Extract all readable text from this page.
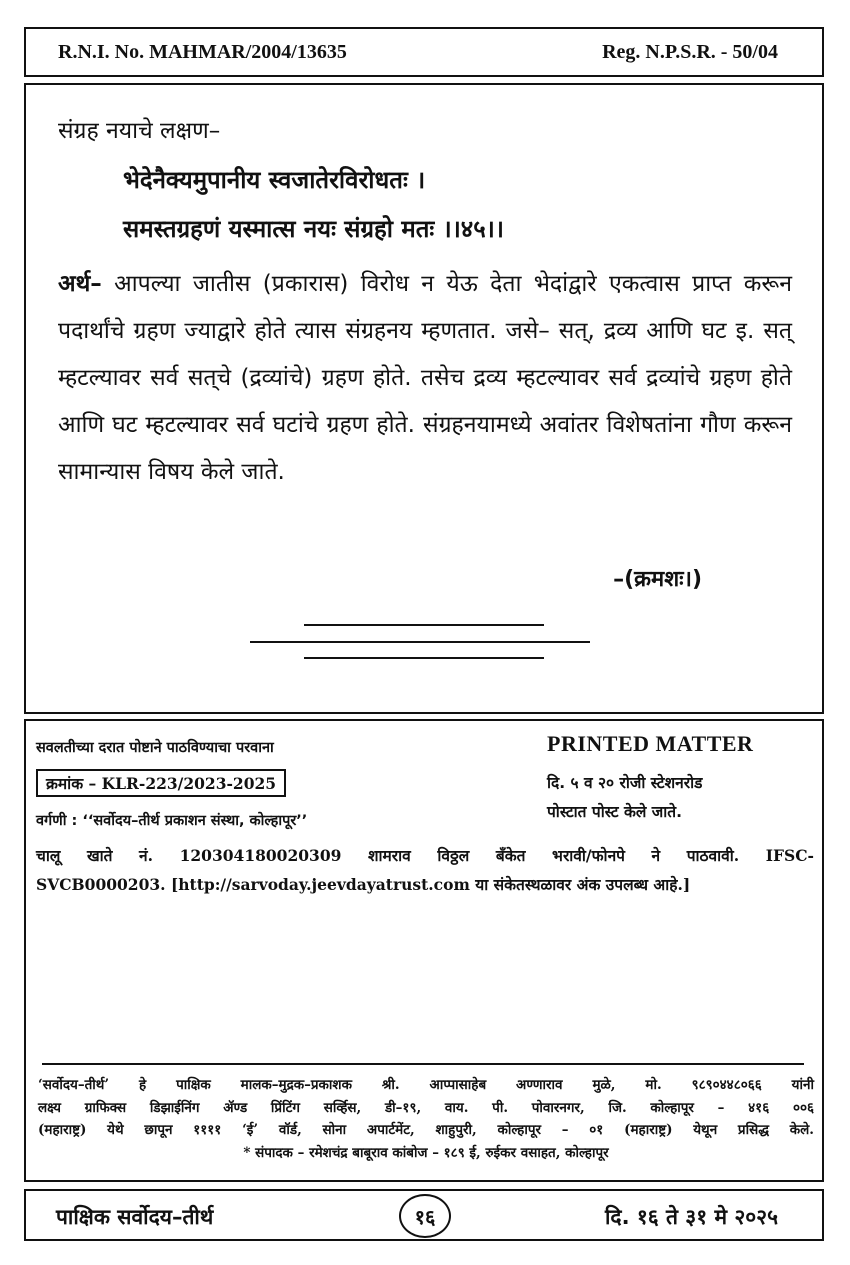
R.N.I. No. MAHMAR/2004/13635	Reg. N.P.S.R. - 50/04

संग्रह नयाचे लक्षण–

भेदेनैक्यमुपानीय स्वजातेरविरोधतः ।

समस्तग्रहणं यस्मात्स नयः संग्रहो मतः ।।४५।।

अर्थ– आपल्या जातीस (प्रकारास) विरोध न येऊ देता भेदांद्वारे एकत्वास प्राप्त करून पदार्थांचे ग्रहण ज्याद्वारे होते त्यास संग्रहनय म्हणतात. जसे– सत्, द्रव्य आणि घट इ. सत् म्हटल्यावर सर्व सत्‌चे (द्रव्यांचे) ग्रहण होते. तसेच द्रव्य म्हटल्यावर सर्व द्रव्यांचे ग्रहण होते आणि घट म्हटल्यावर सर्व घटांचे ग्रहण होते. संग्रहनयामध्ये अवांतर विशेषतांना गौण करून सामान्यास विषय केले जाते.

–(क्रमशः।)
सवलतीच्या दरात पोष्टाने पाठविण्याचा परवाना
क्रमांक – KLR-223/2023-2025
वर्गणी : ‘‘सर्वोदय–तीर्थ प्रकाशन संस्था, कोल्हापूर’’
PRINTED MATTER
दि. ५ व २० रोजी स्टेशनरोड
पोस्टात पोस्ट केले जाते.
चालू खाते नं. 120304180020309 शामराव विठ्ठल बँकेत भरावी/फोनपे ने पाठवावी. IFSC-
SVCB0000203. [http://sarvoday.jeevdayatrust.com या संकेतस्थळावर अंक उपलब्ध आहे.]
‘सर्वोदय–तीर्थ’ हे पाक्षिक मालक–मुद्रक–प्रकाशक श्री. आप्पासाहेब अण्णाराव मुळे, मो. ९८९०४४८०६६ यांनी
लक्ष्य ग्राफिक्स डिझाईनिंग ॲण्ड प्रिंटिंग सर्व्हिस, डी–१९, वाय. पी. पोवारनगर, जि. कोल्हापूर – ४१६ ००६
(महाराष्ट्र) येथे छापून ११११ ‘ई’ वॉर्ड, सोना अपार्टमेंट, शाहुपुरी, कोल्हापूर – ०१ (महाराष्ट्र) येथून प्रसिद्ध केले.
* संपादक – रमेशचंद्र बाबूराव कांबोज – १८९ ई, रुईकर वसाहत, कोल्हापूर
पाक्षिक सर्वोदय–तीर्थ	१६	दि. १६ ते ३१ मे २०२५
